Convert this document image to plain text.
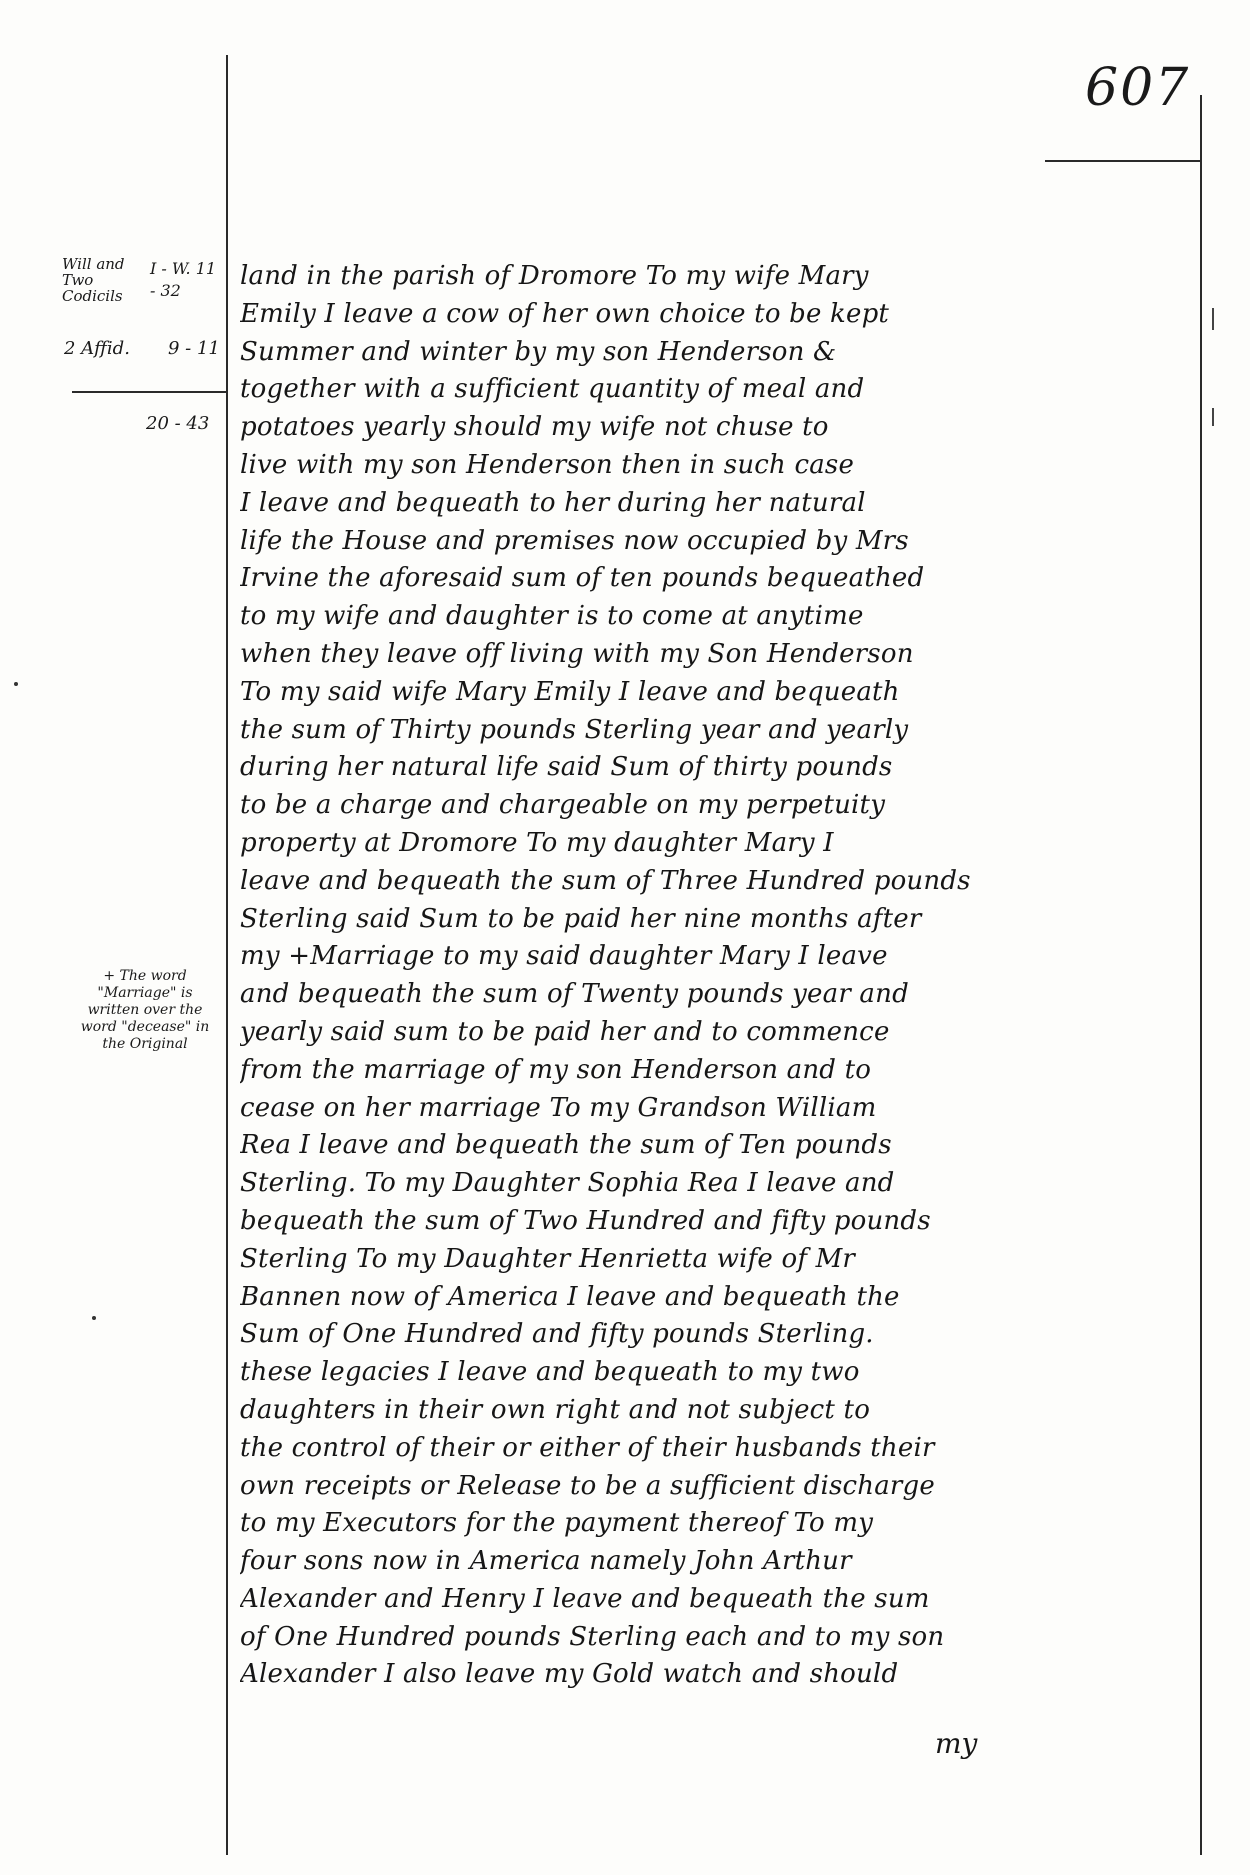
607
Will and Two Codicils
I - W. 11 - 32
2 Affid. 9 - 11
20 - 43
+ The word "Marriage" is written over the word "decease" in the Original
land in the parish of Dromore To my wife Mary
Emily I leave a cow of her own choice to be kept
Summer and winter by my son Henderson &
together with a sufficient quantity of meal and
potatoes yearly should my wife not chuse to
live with my son Henderson then in such case
I leave and bequeath to her during her natural
life the House and premises now occupied by Mrs
Irvine the aforesaid sum of ten pounds bequeathed
to my wife and daughter is to come at anytime
when they leave off living with my Son Henderson
To my said wife Mary Emily I leave and bequeath
the sum of Thirty pounds Sterling year and yearly
during her natural life said Sum of thirty pounds
to be a charge and chargeable on my perpetuity
property at Dromore To my daughter Mary I
leave and bequeath the sum of Three Hundred pounds
Sterling said Sum to be paid her nine months after
my +Marriage to my said daughter Mary I leave
and bequeath the sum of Twenty pounds year and
yearly said sum to be paid her and to commence
from the marriage of my son Henderson and to
cease on her marriage To my Grandson William
Rea I leave and bequeath the sum of Ten pounds
Sterling. To my Daughter Sophia Rea I leave and
bequeath the sum of Two Hundred and fifty pounds
Sterling To my Daughter Henrietta wife of Mr
Bannen now of America I leave and bequeath the
Sum of One Hundred and fifty pounds Sterling.
these legacies I leave and bequeath to my two
daughters in their own right and not subject to
the control of their or either of their husbands their
own receipts or Release to be a sufficient discharge
to my Executors for the payment thereof To my
four sons now in America namely John Arthur
Alexander and Henry I leave and bequeath the sum
of One Hundred pounds Sterling each and to my son
Alexander I also leave my Gold watch and should
my
